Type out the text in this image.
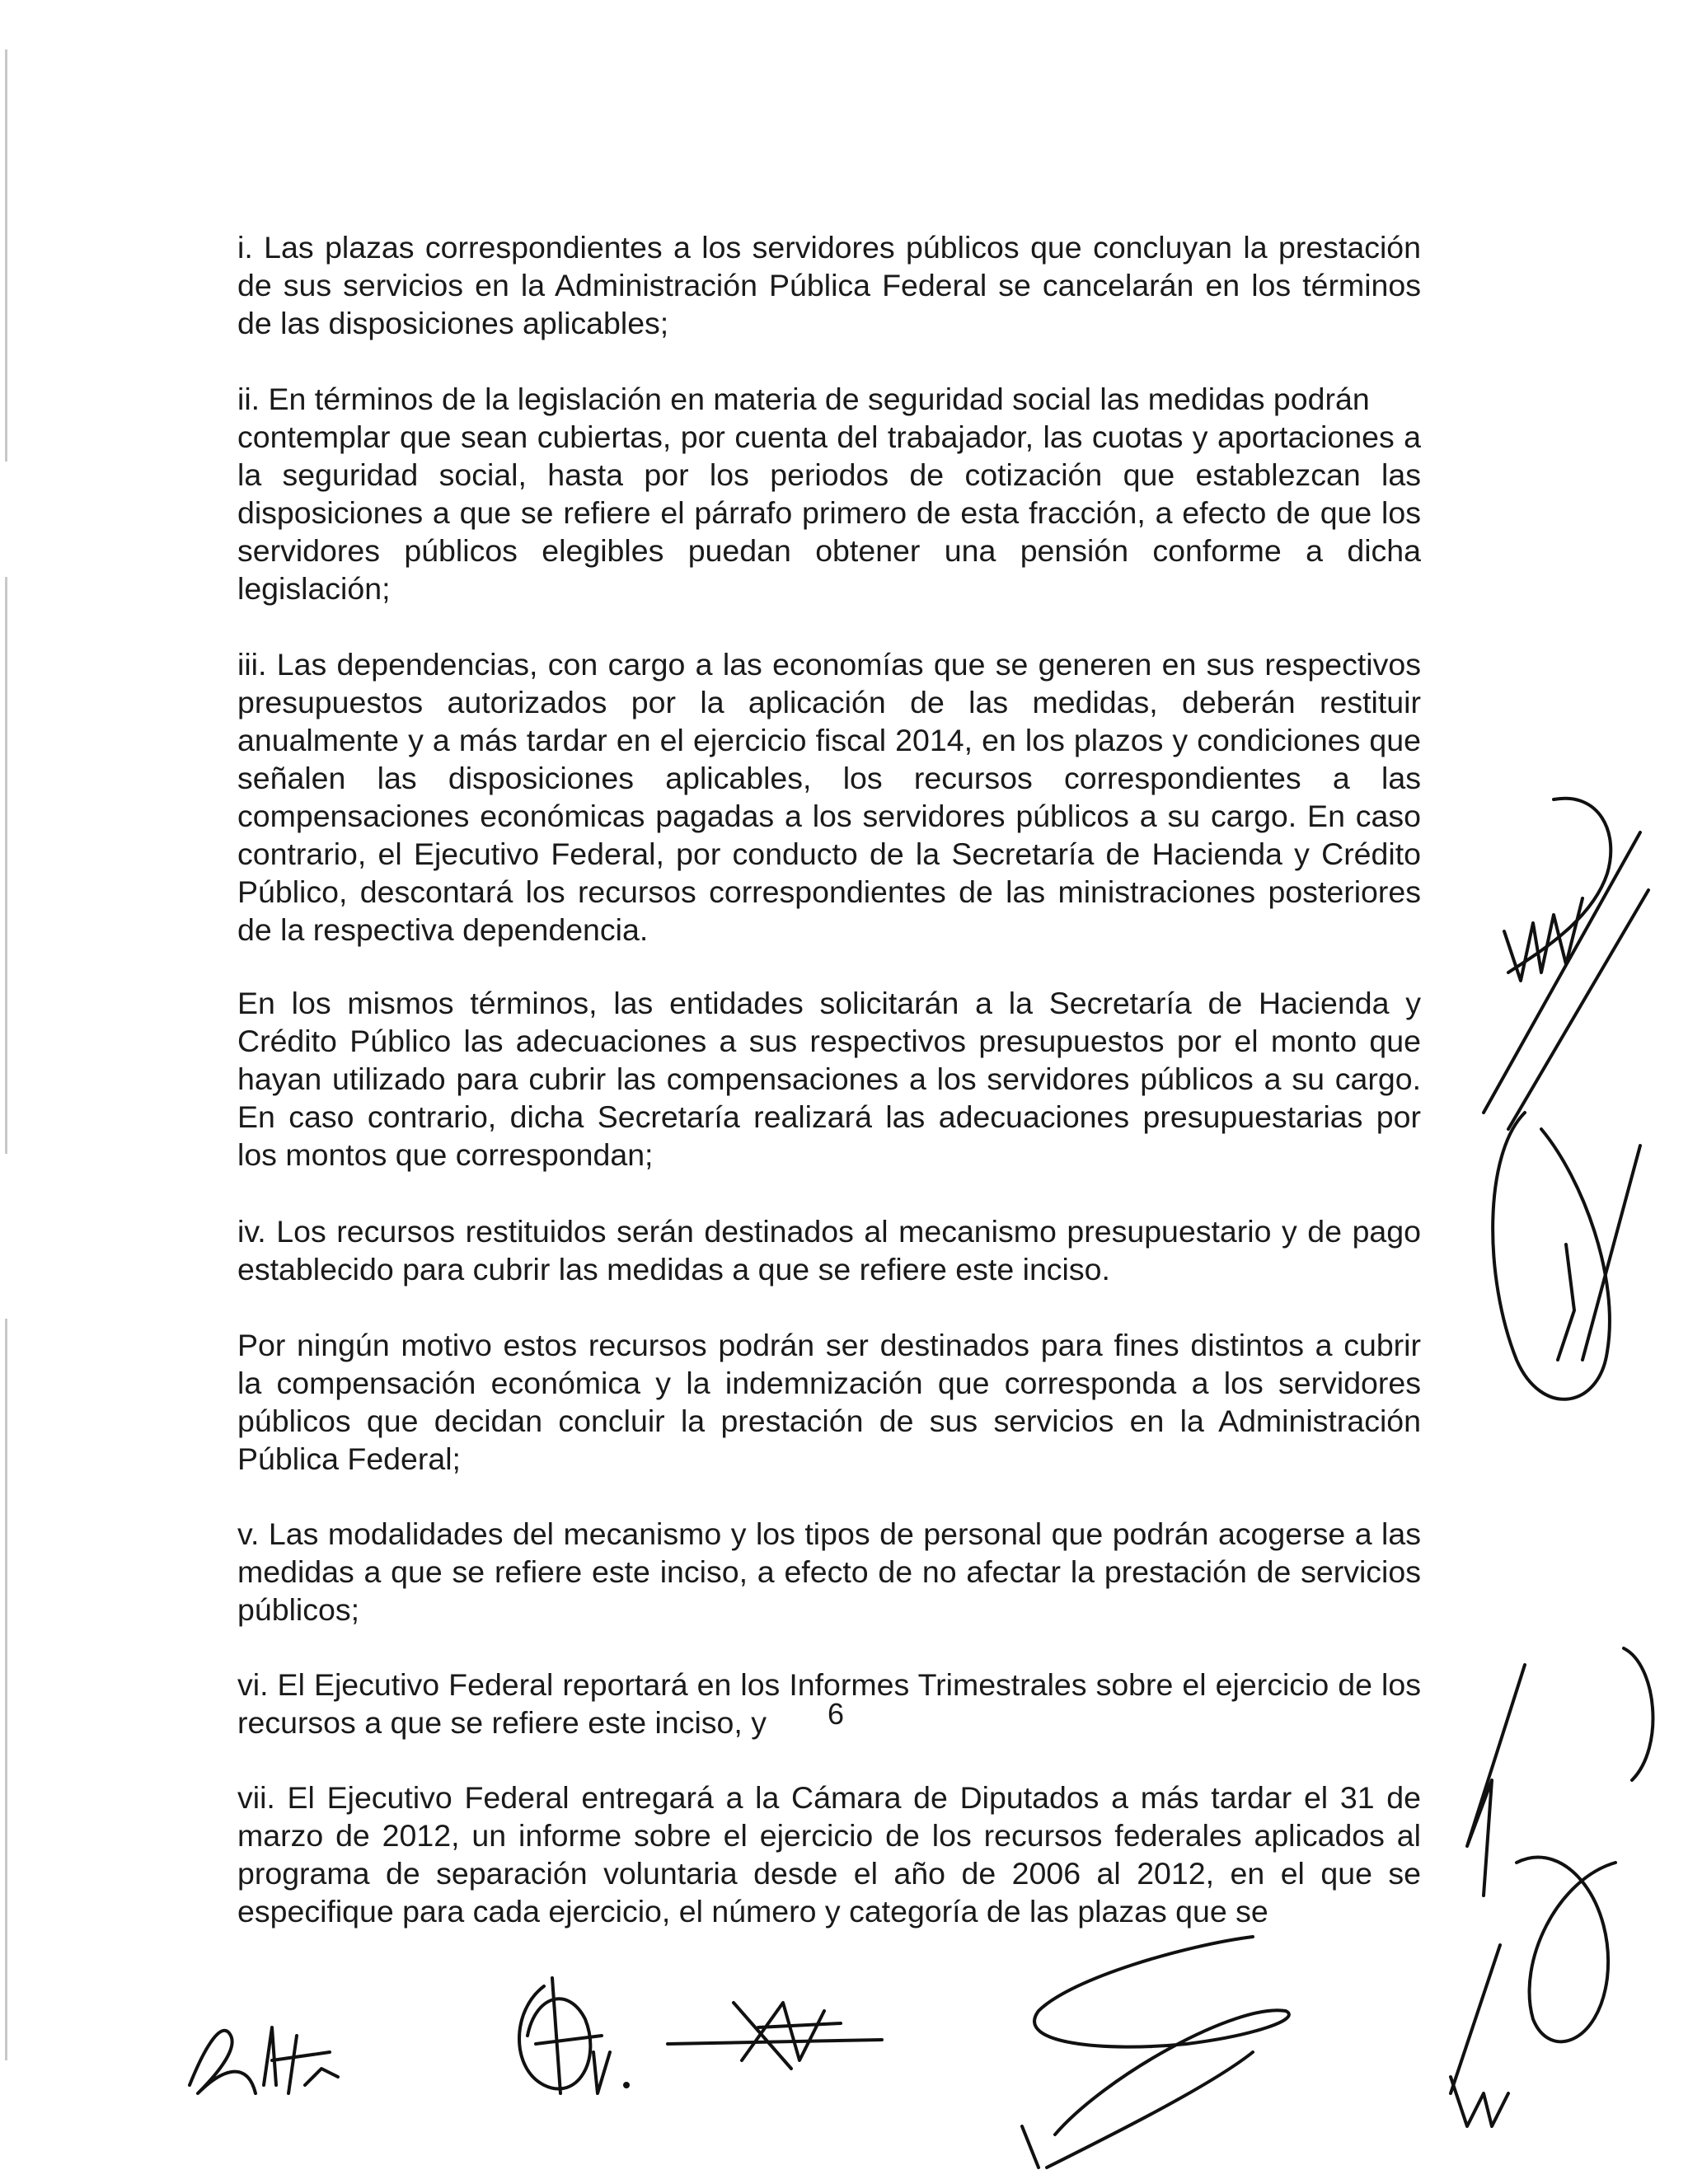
i. Las plazas correspondientes a los servidores públicos que concluyan la prestación de sus servicios en la Administración Pública Federal se cancelarán en los términos de las disposiciones aplicables;

ii. En términos de la legislación en materia de seguridad social las medidas podrán

contemplar que sean cubiertas, por cuenta del trabajador, las cuotas y aportaciones a la seguridad social, hasta por los periodos de cotización que establezcan las disposiciones a que se refiere el párrafo primero de esta fracción, a efecto de que los servidores públicos elegibles puedan obtener una pensión conforme a dicha legislación;

iii. Las dependencias, con cargo a las economías que se generen en sus respectivos presupuestos autorizados por la aplicación de las medidas, deberán restituir anualmente y a más tardar en el ejercicio fiscal 2014, en los plazos y condiciones que señalen las disposiciones aplicables, los recursos correspondientes a las compensaciones económicas pagadas a los servidores públicos a su cargo. En caso contrario, el Ejecutivo Federal, por conducto de la Secretaría de Hacienda y Crédito Público, descontará los recursos correspondientes de las ministraciones posteriores de la respectiva dependencia.

En los mismos términos, las entidades solicitarán a la Secretaría de Hacienda y Crédito Público las adecuaciones a sus respectivos presupuestos por el monto que hayan utilizado para cubrir las compensaciones a los servidores públicos a su cargo. En caso contrario, dicha Secretaría realizará las adecuaciones presupuestarias por los montos que correspondan;

iv. Los recursos restituidos serán destinados al mecanismo presupuestario y de pago establecido para cubrir las medidas a que se refiere este inciso.

Por ningún motivo estos recursos podrán ser destinados para fines distintos a cubrir la compensación económica y la indemnización que corresponda a los servidores públicos que decidan concluir la prestación de sus servicios en la Administración Pública Federal;

v. Las modalidades del mecanismo y los tipos de personal que podrán acogerse a las medidas a que se refiere este inciso, a efecto de no afectar la prestación de servicios públicos;

vi. El Ejecutivo Federal reportará en los Informes Trimestrales sobre el ejercicio de los recursos a que se refiere este inciso, y

vii. El Ejecutivo Federal entregará a la Cámara de Diputados a más tardar el 31 de marzo de 2012, un informe sobre el ejercicio de los recursos federales aplicados al programa de separación voluntaria desde el año de 2006 al 2012, en el que se especifique para cada ejercicio, el número y categoría de las plazas que se

6
